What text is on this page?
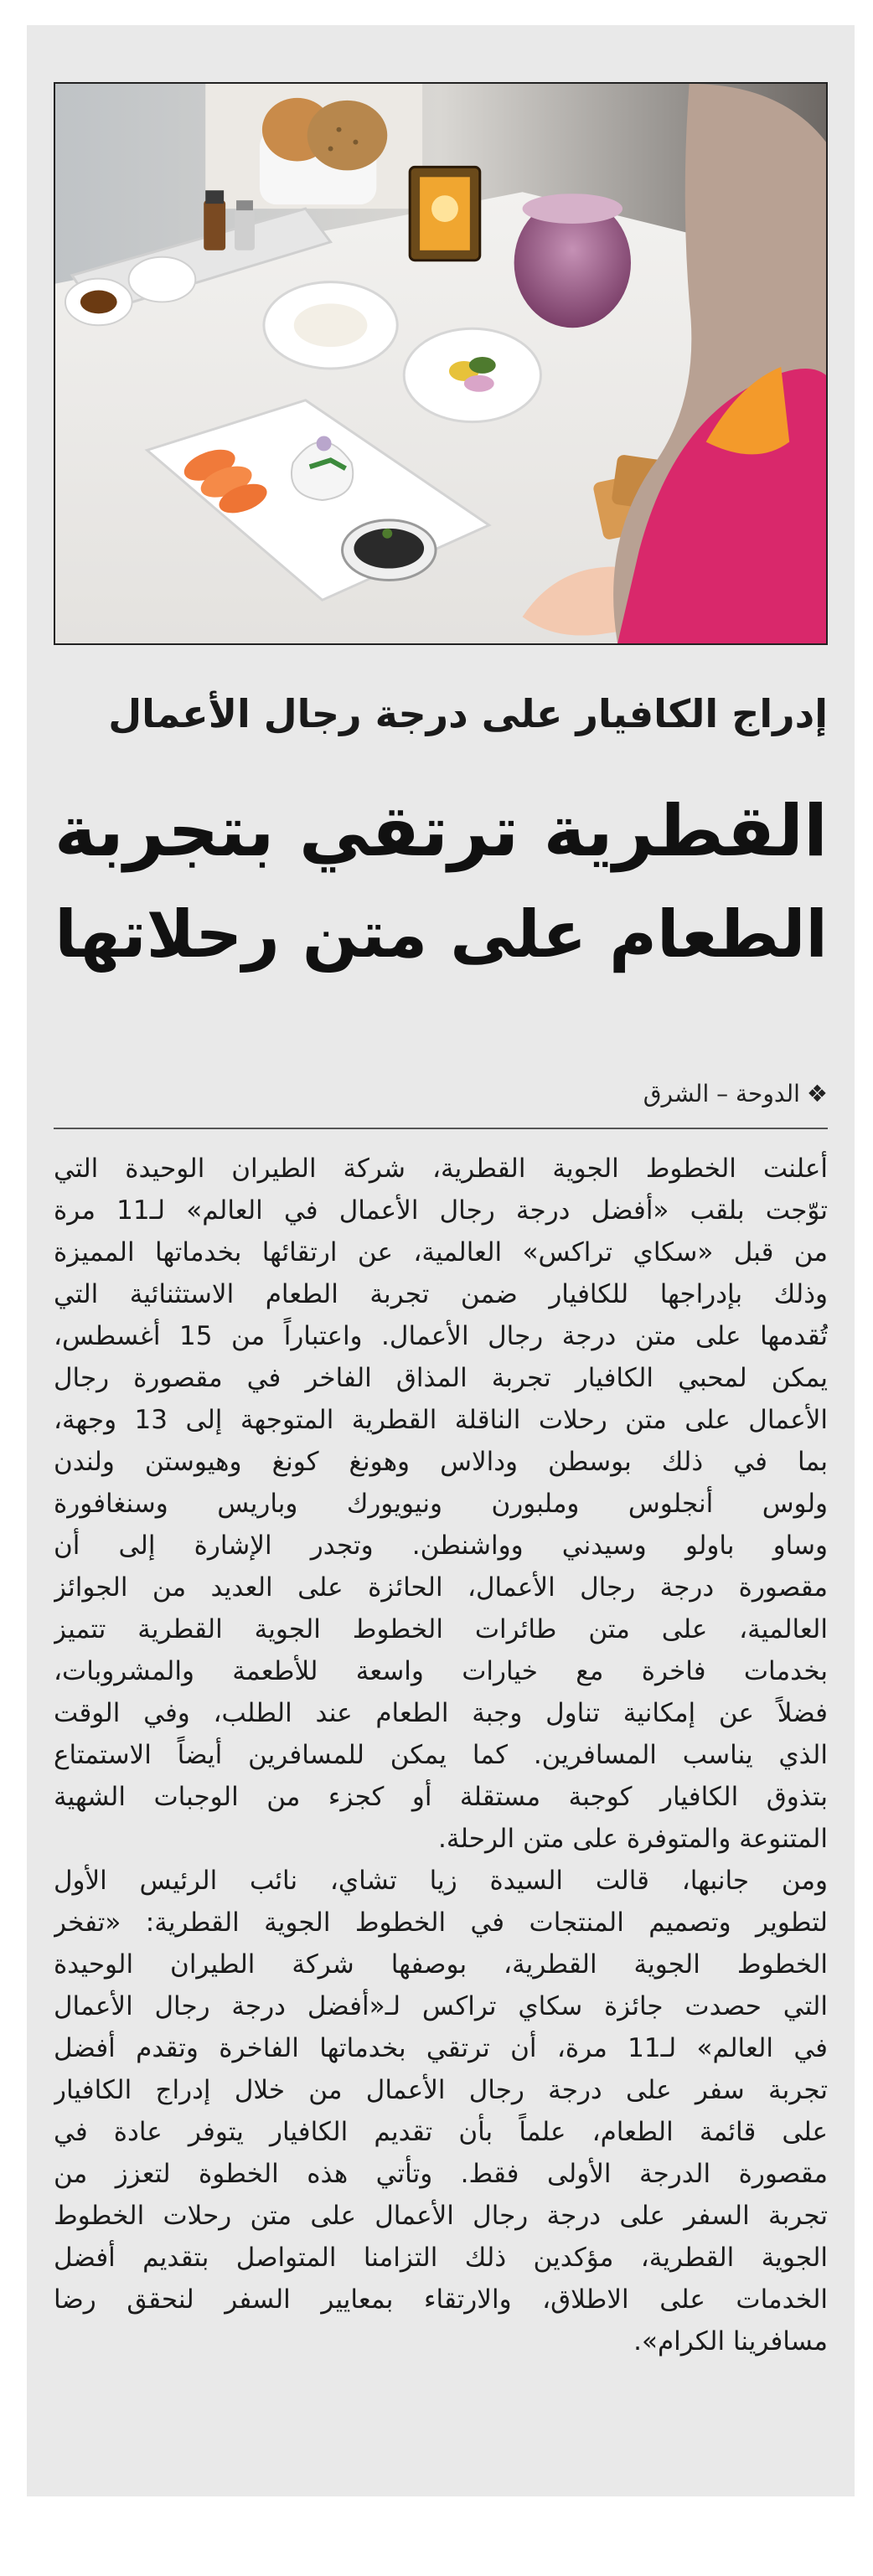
إدراج الكافيار على درجة رجال الأعمال
القطرية ترتقي بتجربة
الطعام على متن رحلاتها
❖الدوحة – الشرق

أعلنت الخطوط الجوية القطرية، شركة الطيران الوحيدة التي

توّجت بلقب «أفضل درجة رجال الأعمال في العالم» لـ11 مرة

من قبل «سكاي تراكس» العالمية، عن ارتقائها بخدماتها المميزة

وذلك بإدراجها للكافيار ضمن تجربة الطعام الاستثنائية التي

تُقدمها على متن درجة رجال الأعمال. واعتباراً من 15 أغسطس،

يمكن لمحبي الكافيار تجربة المذاق الفاخر في مقصورة رجال

الأعمال على متن رحلات الناقلة القطرية المتوجهة إلى 13 وجهة،

بما في ذلك بوسطن ودالاس وهونغ كونغ وهيوستن ولندن

ولوس أنجلوس وملبورن ونيويورك وباريس وسنغافورة

وساو باولو وسيدني وواشنطن. وتجدر الإشارة إلى أن

مقصورة درجة رجال الأعمال، الحائزة على العديد من الجوائز

العالمية، على متن طائرات الخطوط الجوية القطرية تتميز

بخدمات فاخرة مع خيارات واسعة للأطعمة والمشروبات،

فضلاً عن إمكانية تناول وجبة الطعام عند الطلب، وفي الوقت

الذي يناسب المسافرين. كما يمكن للمسافرين أيضاً الاستمتاع

بتذوق الكافيار كوجبة مستقلة أو كجزء من الوجبات الشهية

المتنوعة والمتوفرة على متن الرحلة.

ومن جانبها، قالت السيدة زيا تشاي، نائب الرئيس الأول

لتطوير وتصميم المنتجات في الخطوط الجوية القطرية: «تفخر

الخطوط الجوية القطرية، بوصفها شركة الطيران الوحيدة

التي حصدت جائزة سكاي تراكس لـ«أفضل درجة رجال الأعمال

في العالم» لـ11 مرة، أن ترتقي بخدماتها الفاخرة وتقدم أفضل

تجربة سفر على درجة رجال الأعمال من خلال إدراج الكافيار

على قائمة الطعام، علماً بأن تقديم الكافيار يتوفر عادة في

مقصورة الدرجة الأولى فقط. وتأتي هذه الخطوة لتعزز من

تجربة السفر على درجة رجال الأعمال على متن رحلات الخطوط

الجوية القطرية، مؤكدين ذلك التزامنا المتواصل بتقديم أفضل

الخدمات على الاطلاق، والارتقاء بمعايير السفر لنحقق رضا

مسافرينا الكرام».
